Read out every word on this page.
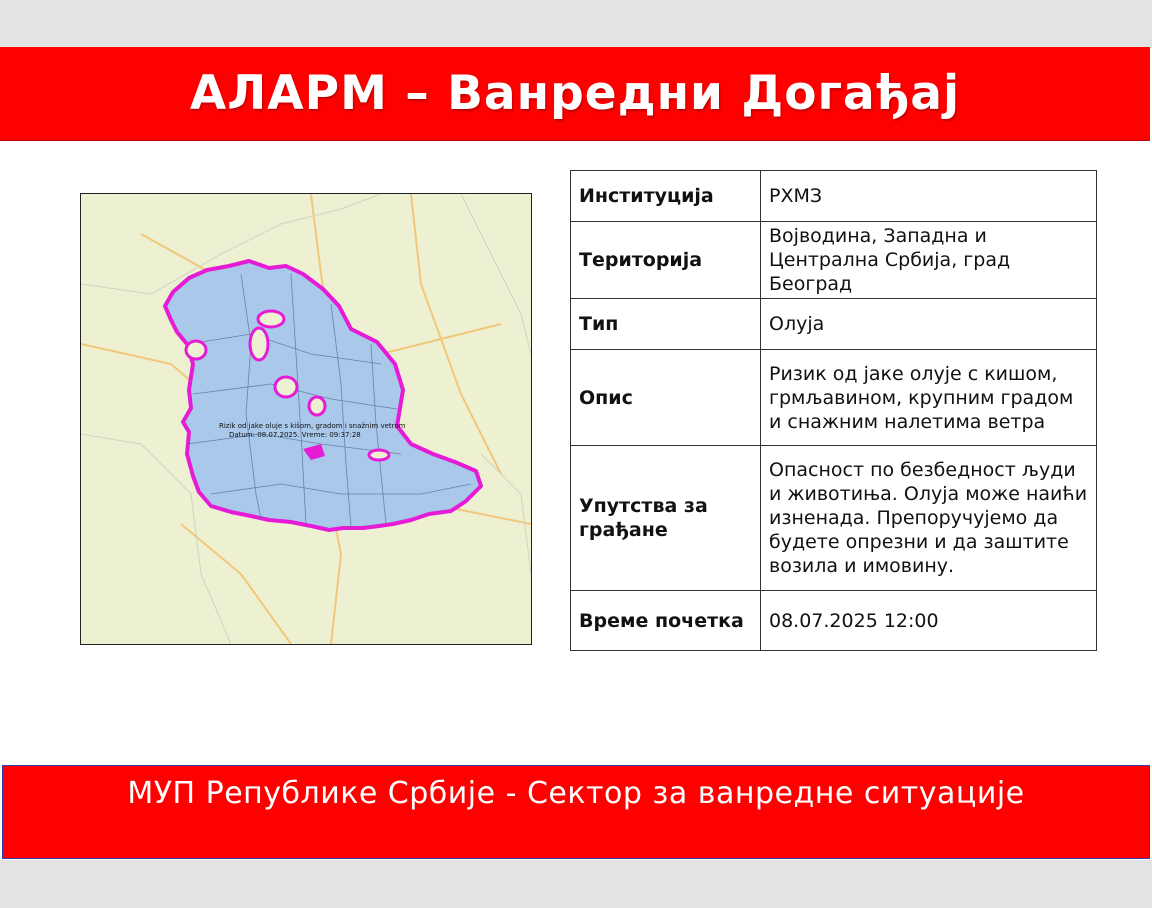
АЛАРМ – Ванредни Догађај
Rizik od jake oluje s kišom, gradom i snažnim vetrom
Datum: 08.07.2025. Vreme: 09:37:28
Институција	РХМЗ
Територија	Војводина, Западна и Централна Србија, град Београд
Тип	Олуја
Опис	Ризик од јаке олује с кишом, грмљавином, крупним градом и снажним налетима ветра
Упутства за грађане	Опасност по безбедност људи и животиња. Олуја може наићи изненада. Препоручујемо да будете опрезни и да заштите возила и имовину.
Време почетка	08.07.2025 12:00
МУП Републике Србије - Сектор за ванредне ситуације
